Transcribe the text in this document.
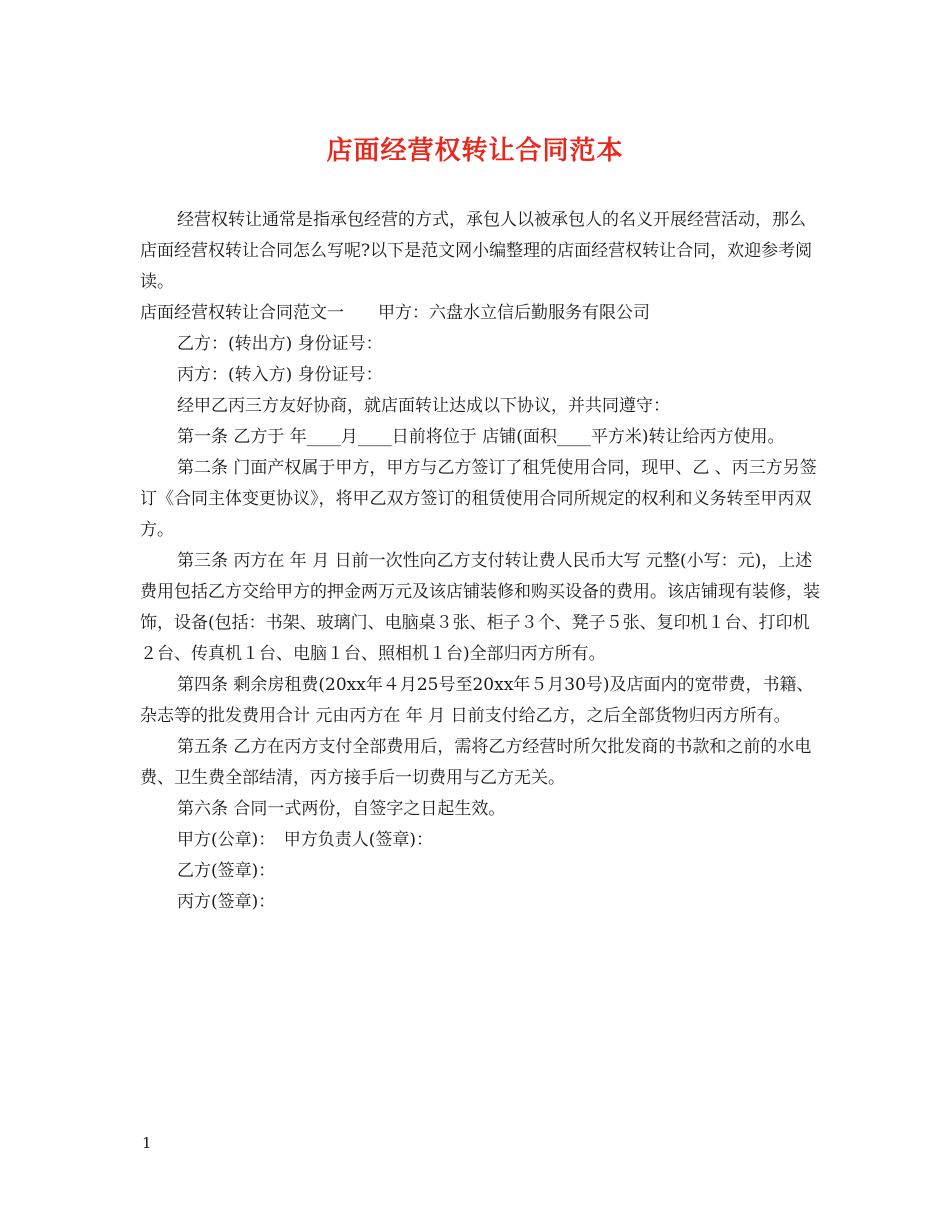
店面经营权转让合同范本

经营权转让通常是指承包经营的方式，承包人以被承包人的名义开展经营活动，那么店面经营权转让合同怎么写呢?以下是范文网小编整理的店面经营权转让合同，欢迎参考阅读。

店面经营权转让合同范文一　　甲方：六盘水立信后勤服务有限公司

乙方：(转出方) 身份证号：

丙方：(转入方) 身份证号：

经甲乙丙三方友好协商，就店面转让达成以下协议，并共同遵守：

第一条 乙方于 年____月____日前将位于 店铺(面积____平方米)转让给丙方使用。

第二条 门面产权属于甲方，甲方与乙方签订了租凭使用合同，现甲、乙 、丙三方另签订《合同主体变更协议》，将甲乙双方签订的租赁使用合同所规定的权利和义务转至甲丙双方。

第三条 丙方在 年 月 日前一次性向乙方支付转让费人民币大写 元整(小写：元)，上述费用包括乙方交给甲方的押金两万元及该店铺装修和购买设备的费用。该店铺现有装修，装饰，设备(包括：书架、玻璃门、电脑桌３张、柜子３个、凳子５张、复印机１台、打印机２台、传真机１台、电脑１台、照相机１台)全部归丙方所有。

第四条 剩余房租费(20xx年４月25号至20xx年５月30号)及店面内的宽带费，书籍、杂志等的批发费用合计 元由丙方在 年 月 日前支付给乙方，之后全部货物归丙方所有。

第五条 乙方在丙方支付全部费用后，需将乙方经营时所欠批发商的书款和之前的水电费、卫生费全部结清，丙方接手后一切费用与乙方无关。

第六条 合同一式两份，自签字之日起生效。

甲方(公章)：　甲方负责人(签章)：

乙方(签章)：

丙方(签章)：

1
